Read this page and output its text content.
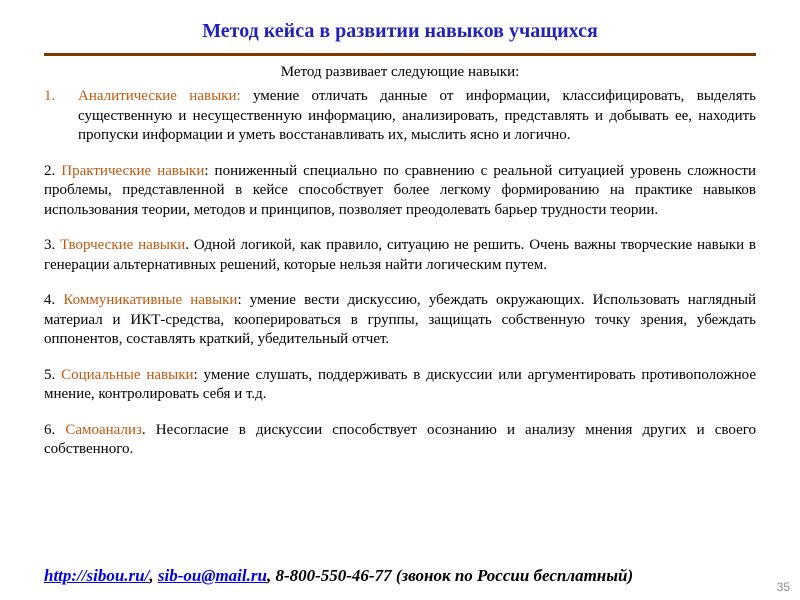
Метод кейса в развитии навыков учащихся
Метод развивает следующие навыки:
1.	Аналитические навыки: умение отличать данные от информации, классифицировать, выделять существенную и несущественную информацию, анализировать, представлять и добывать ее, находить пропуски информации и уметь восстанавливать их, мыслить ясно и логично.

2. Практические навыки: пониженный специально по сравнению с реальной ситуацией уровень сложности проблемы, представленной в кейсе способствует более легкому формированию на практике навыков использования теории, методов и принципов, позволяет преодолевать барьер трудности теории.

3. Творческие навыки. Одной логикой, как правило, ситуацию не решить. Очень важны творческие навыки в генерации альтернативных решений, которые нельзя найти логическим путем.

4. Коммуникативные навыки: умение вести дискуссию, убеждать окружающих. Использовать наглядный материал и ИКТ-средства, кооперироваться в группы, защищать собственную точку зрения, убеждать оппонентов, составлять краткий, убедительный отчет.

5. Социальные навыки: умение слушать, поддерживать в дискуссии или аргументировать противоположное мнение, контролировать себя и т.д.

6. Самоанализ. Несогласие в дискуссии способствует осознанию и анализу мнения других и своего собственного.

http://sibou.ru/, sib-ou@mail.ru, 8-800-550-46-77 (звонок по России бесплатный)
35
